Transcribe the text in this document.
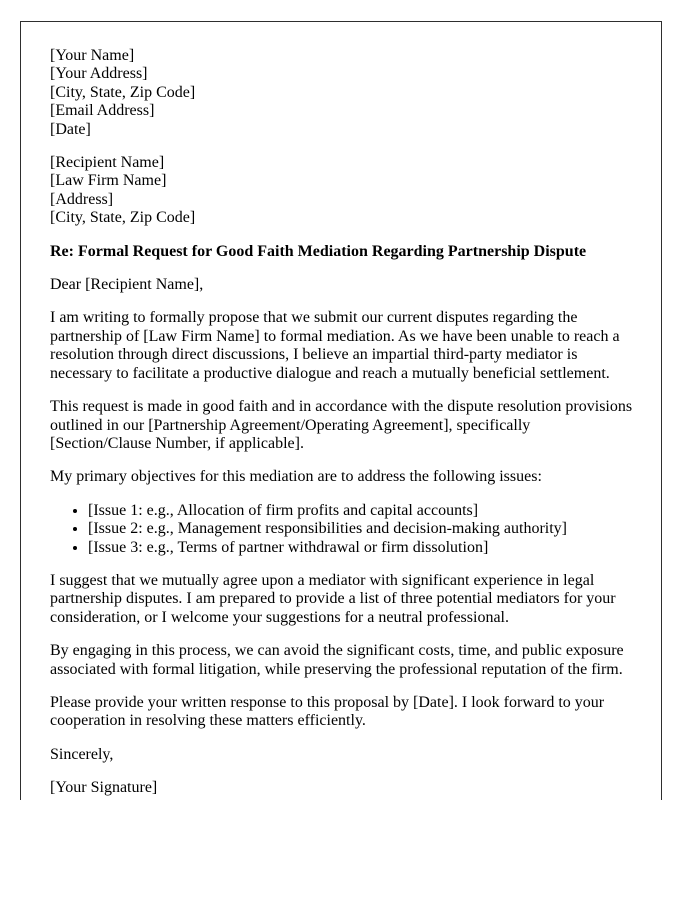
[Your Name]
[Your Address]
[City, State, Zip Code]
[Email Address]
[Date]
[Recipient Name]
[Law Firm Name]
[Address]
[City, State, Zip Code]

Re: Formal Request for Good Faith Mediation Regarding Partnership Dispute

Dear [Recipient Name],

I am writing to formally propose that we submit our current disputes regarding the partnership of [Law Firm Name] to formal mediation. As we have been unable to reach a resolution through direct discussions, I believe an impartial third-party mediator is necessary to facilitate a productive dialogue and reach a mutually beneficial settlement.

This request is made in good faith and in accordance with the dispute resolution provisions outlined in our [Partnership Agreement/Operating Agreement], specifically [Section/Clause Number, if applicable].

My primary objectives for this mediation are to address the following issues:

• [Issue 1: e.g., Allocation of firm profits and capital accounts]
• [Issue 2: e.g., Management responsibilities and decision-making authority]
• [Issue 3: e.g., Terms of partner withdrawal or firm dissolution]

I suggest that we mutually agree upon a mediator with significant experience in legal partnership disputes. I am prepared to provide a list of three potential mediators for your consideration, or I welcome your suggestions for a neutral professional.

By engaging in this process, we can avoid the significant costs, time, and public exposure associated with formal litigation, while preserving the professional reputation of the firm.

Please provide your written response to this proposal by [Date]. I look forward to your cooperation in resolving these matters efficiently.

Sincerely,

[Your Signature]
